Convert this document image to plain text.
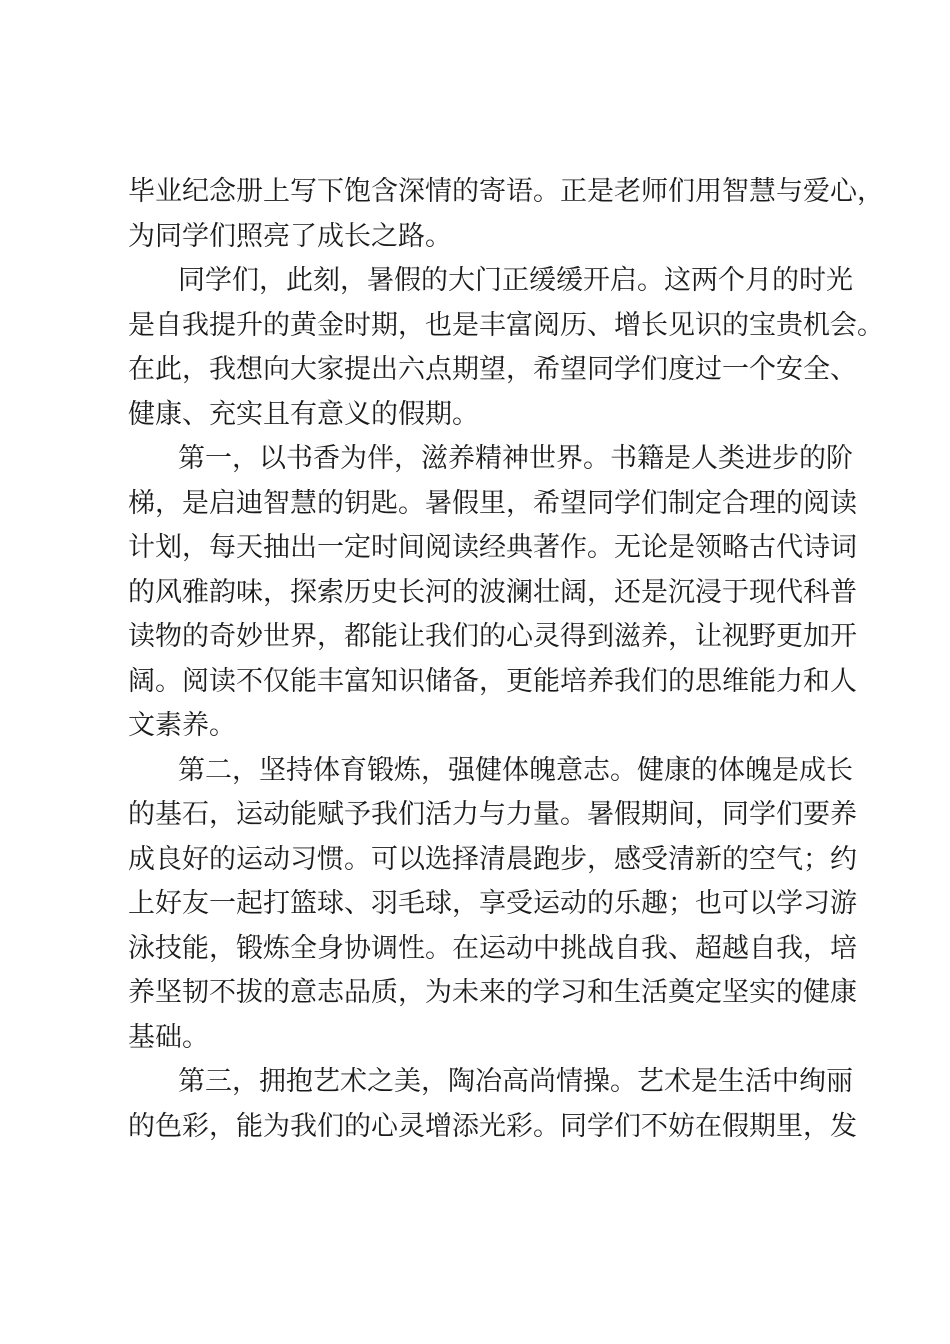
毕业纪念册上写下饱含深情的寄语。正是老师们用智慧与爱心，
为同学们照亮了成长之路。
同学们，此刻，暑假的大门正缓缓开启。这两个月的时光
是自我提升的黄金时期，也是丰富阅历、增长见识的宝贵机会。
在此，我想向大家提出六点期望，希望同学们度过一个安全、
健康、充实且有意义的假期。
第一，以书香为伴，滋养精神世界。书籍是人类进步的阶
梯，是启迪智慧的钥匙。暑假里，希望同学们制定合理的阅读
计划，每天抽出一定时间阅读经典著作。无论是领略古代诗词
的风雅韵味，探索历史长河的波澜壮阔，还是沉浸于现代科普
读物的奇妙世界，都能让我们的心灵得到滋养，让视野更加开
阔。阅读不仅能丰富知识储备，更能培养我们的思维能力和人
文素养。
第二，坚持体育锻炼，强健体魄意志。健康的体魄是成长
的基石，运动能赋予我们活力与力量。暑假期间，同学们要养
成良好的运动习惯。可以选择清晨跑步，感受清新的空气；约
上好友一起打篮球、羽毛球，享受运动的乐趣；也可以学习游
泳技能，锻炼全身协调性。在运动中挑战自我、超越自我，培
养坚韧不拔的意志品质，为未来的学习和生活奠定坚实的健康
基础。
第三，拥抱艺术之美，陶冶高尚情操。艺术是生活中绚丽
的色彩，能为我们的心灵增添光彩。同学们不妨在假期里，发
